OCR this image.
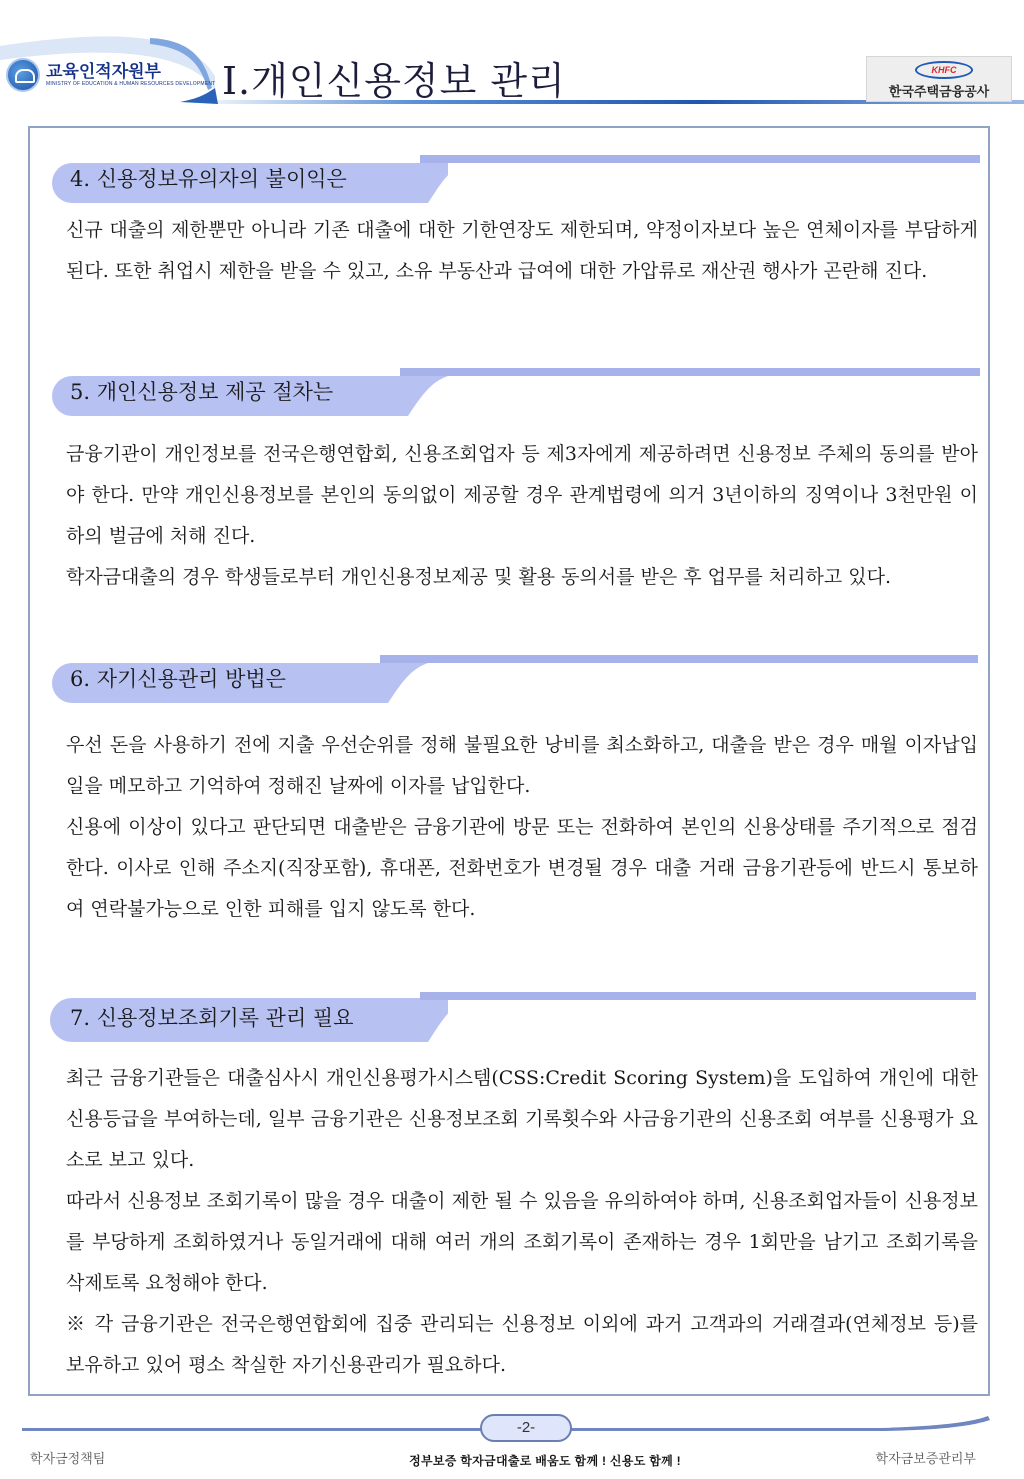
교육인적자원부
MINISTRY OF EDUCATION & HUMAN RESOURCES DEVELOPMENT Ⅰ.개인신용정보 관리	KHFC
한국주택금융공사
4. 신용정보유의자의 불이익은

신규 대출의 제한뿐만 아니라 기존 대출에 대한 기한연장도 제한되며, 약정이자보다 높은 연체이자를 부담하게 된다. 또한 취업시 제한을 받을 수 있고, 소유 부동산과 급여에 대한 가압류로 재산권 행사가 곤란해 진다.

5. 개인신용정보 제공 절차는

금융기관이 개인정보를 전국은행연합회, 신용조회업자 등 제3자에게 제공하려면 신용정보 주체의 동의를 받아야 한다. 만약 개인신용정보를 본인의 동의없이 제공할 경우 관계법령에 의거 3년이하의 징역이나 3천만원 이하의 벌금에 처해 진다.

학자금대출의 경우 학생들로부터 개인신용정보제공 및 활용 동의서를 받은 후 업무를 처리하고 있다.

6. 자기신용관리 방법은

우선 돈을 사용하기 전에 지출 우선순위를 정해 불필요한 낭비를 최소화하고, 대출을 받은 경우 매월 이자납입일을 메모하고 기억하여 정해진 날짜에 이자를 납입한다.

신용에 이상이 있다고 판단되면 대출받은 금융기관에 방문 또는 전화하여 본인의 신용상태를 주기적으로 점검한다. 이사로 인해 주소지(직장포함), 휴대폰, 전화번호가 변경될 경우 대출 거래 금융기관등에 반드시 통보하여 연락불가능으로 인한 피해를 입지 않도록 한다.

7. 신용정보조회기록 관리 필요

최근 금융기관들은 대출심사시 개인신용평가시스템(CSS:Credit Scoring System)을 도입하여 개인에 대한 신용등급을 부여하는데, 일부 금융기관은 신용정보조회 기록횟수와 사금융기관의 신용조회 여부를 신용평가 요소로 보고 있다.

따라서 신용정보 조회기록이 많을 경우 대출이 제한 될 수 있음을 유의하여야 하며, 신용조회업자들이 신용정보를 부당하게 조회하였거나 동일거래에 대해 여러 개의 조회기록이 존재하는 경우 1회만을 남기고 조회기록을 삭제토록 요청해야 한다.

※ 각 금융기관은 전국은행연합회에 집중 관리되는 신용정보 이외에 과거 고객과의 거래결과(연체정보 등)를 보유하고 있어 평소 착실한 자기신용관리가 필요하다.

-2-
학자금정책팀	정부보증 학자금대출로 배움도 함께 ! 신용도 함께 !	학자금보증관리부
